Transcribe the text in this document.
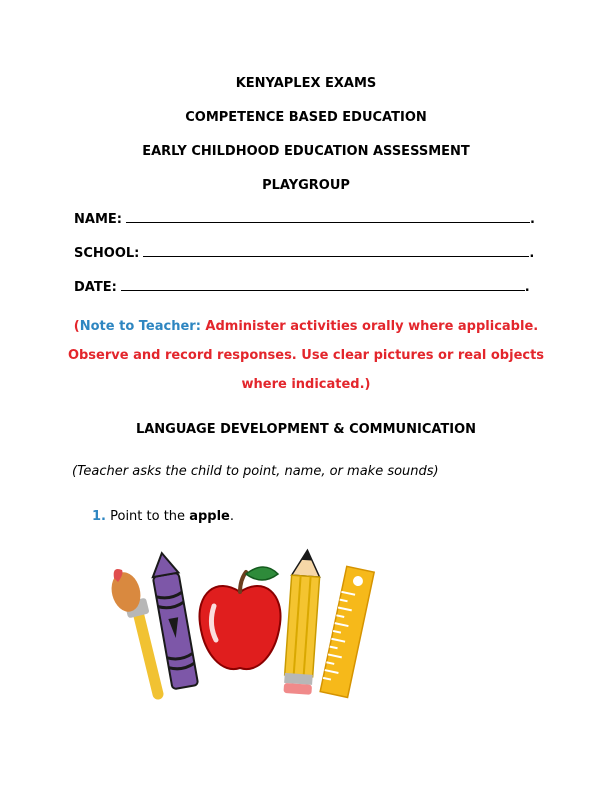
KENYAPLEX EXAMS
COMPETENCE BASED EDUCATION
EARLY CHILDHOOD EDUCATION ASSESSMENT
PLAYGROUP
NAME:	.
SCHOOL:	.
DATE:	.
(Note to Teacher: Administer activities orally where applicable. Observe and record responses. Use clear pictures or real objects where indicated.)
LANGUAGE DEVELOPMENT & COMMUNICATION
(Teacher asks the child to point, name, or make sounds)
1. Point to the apple.
